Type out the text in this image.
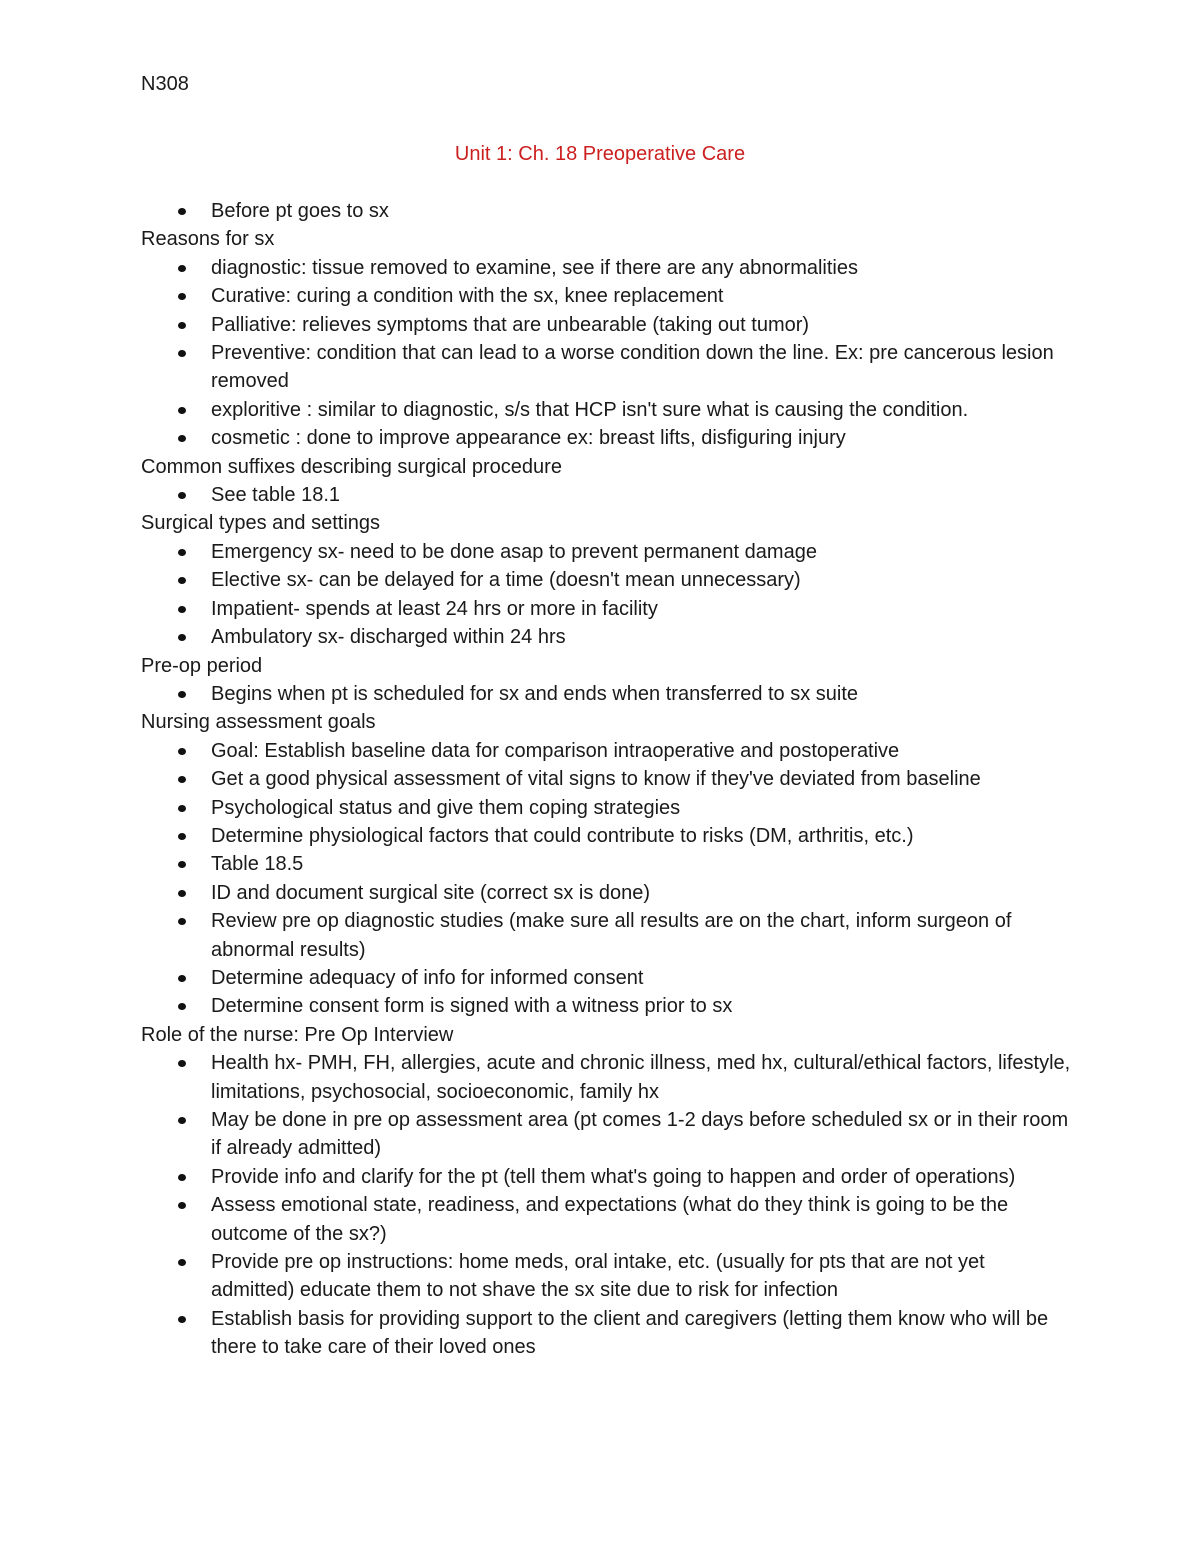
N308
Unit 1: Ch. 18 Preoperative Care
Before pt goes to sx
Reasons for sx
diagnostic: tissue removed to examine, see if there are any abnormalities
Curative: curing a condition with the sx, knee replacement
Palliative: relieves symptoms that are unbearable (taking out tumor)
Preventive: condition that can lead to a worse condition down the line. Ex: pre cancerous lesion removed
exploritive : similar to diagnostic, s/s that HCP isn't sure what is causing the condition.
cosmetic : done to improve appearance ex: breast lifts, disfiguring injury
Common suffixes describing surgical procedure
See table 18.1
Surgical types and settings
Emergency sx- need to be done asap to prevent permanent damage
Elective sx- can be delayed for a time (doesn't mean unnecessary)
Impatient- spends at least 24 hrs or more in facility
Ambulatory sx- discharged within 24 hrs
Pre-op period
Begins when pt is scheduled for sx and ends when transferred to sx suite
Nursing assessment goals
Goal: Establish baseline data for comparison intraoperative and postoperative
Get a good physical assessment of vital signs to know if they've deviated from baseline
Psychological status and give them coping strategies
Determine physiological factors that could contribute to risks (DM, arthritis, etc.)
Table 18.5
ID and document surgical site (correct sx is done)
Review pre op diagnostic studies (make sure all results are on the chart, inform surgeon of abnormal results)
Determine adequacy of info for informed consent
Determine consent form is signed with a witness prior to sx
Role of the nurse: Pre Op Interview
Health hx- PMH, FH, allergies, acute and chronic illness, med hx, cultural/ethical factors, lifestyle, limitations, psychosocial, socioeconomic, family hx
May be done in pre op assessment area (pt comes 1-2 days before scheduled sx or in their room if already admitted)
Provide info and clarify for the pt (tell them what's going to happen and order of operations)
Assess emotional state, readiness, and expectations (what do they think is going to be the outcome of the sx?)
Provide pre op instructions: home meds, oral intake, etc. (usually for pts that are not yet admitted) educate them to not shave the sx site due to risk for infection
Establish basis for providing support to the client and caregivers (letting them know who will be there to take care of their loved ones
